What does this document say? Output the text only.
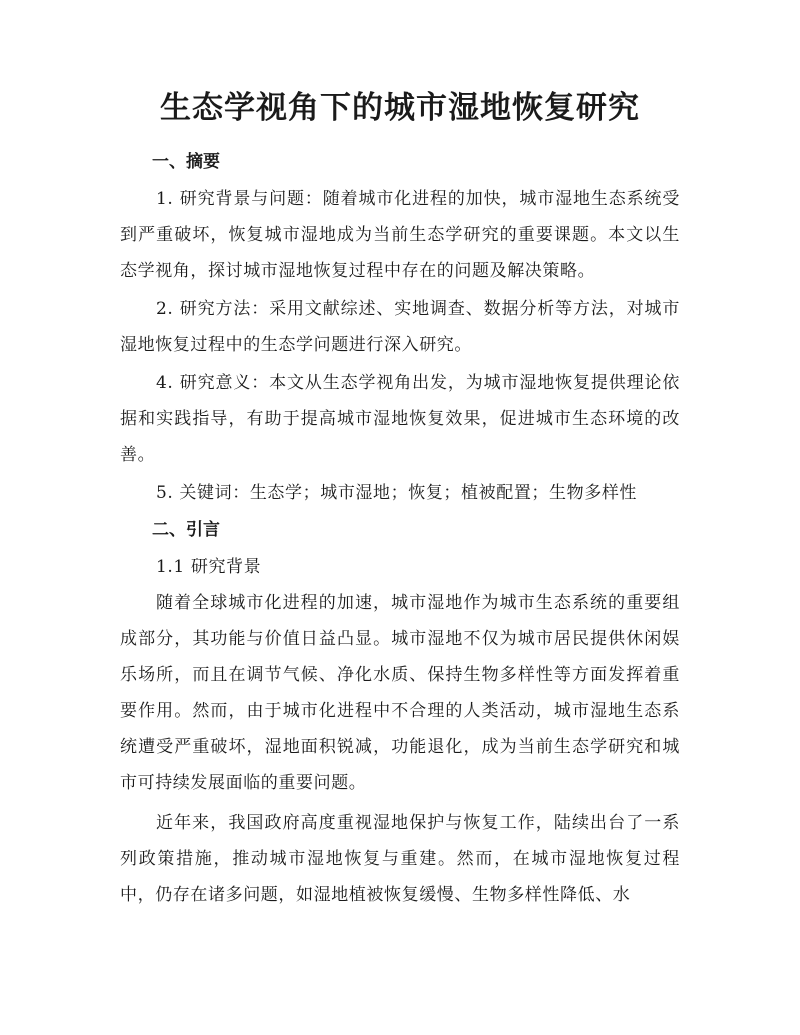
生态学视角下的城市湿地恢复研究
一、摘要

1. 研究背景与问题：随着城市化进程的加快，城市湿地生态系统受到严重破坏，恢复城市湿地成为当前生态学研究的重要课题。本文以生态学视角，探讨城市湿地恢复过程中存在的问题及解决策略。

2. 研究方法：采用文献综述、实地调查、数据分析等方法，对城市湿地恢复过程中的生态学问题进行深入研究。

4. 研究意义：本文从生态学视角出发，为城市湿地恢复提供理论依据和实践指导，有助于提高城市湿地恢复效果，促进城市生态环境的改善。

5. 关键词：生态学；城市湿地；恢复；植被配置；生物多样性

二、引言
1.1 研究背景

随着全球城市化进程的加速，城市湿地作为城市生态系统的重要组成部分，其功能与价值日益凸显。城市湿地不仅为城市居民提供休闲娱乐场所，而且在调节气候、净化水质、保持生物多样性等方面发挥着重要作用。然而，由于城市化进程中不合理的人类活动，城市湿地生态系统遭受严重破坏，湿地面积锐减，功能退化，成为当前生态学研究和城市可持续发展面临的重要问题。

近年来，我国政府高度重视湿地保护与恢复工作，陆续出台了一系列政策措施，推动城市湿地恢复与重建。然而，在城市湿地恢复过程中，仍存在诸多问题，如湿地植被恢复缓慢、生物多样性降低、水
